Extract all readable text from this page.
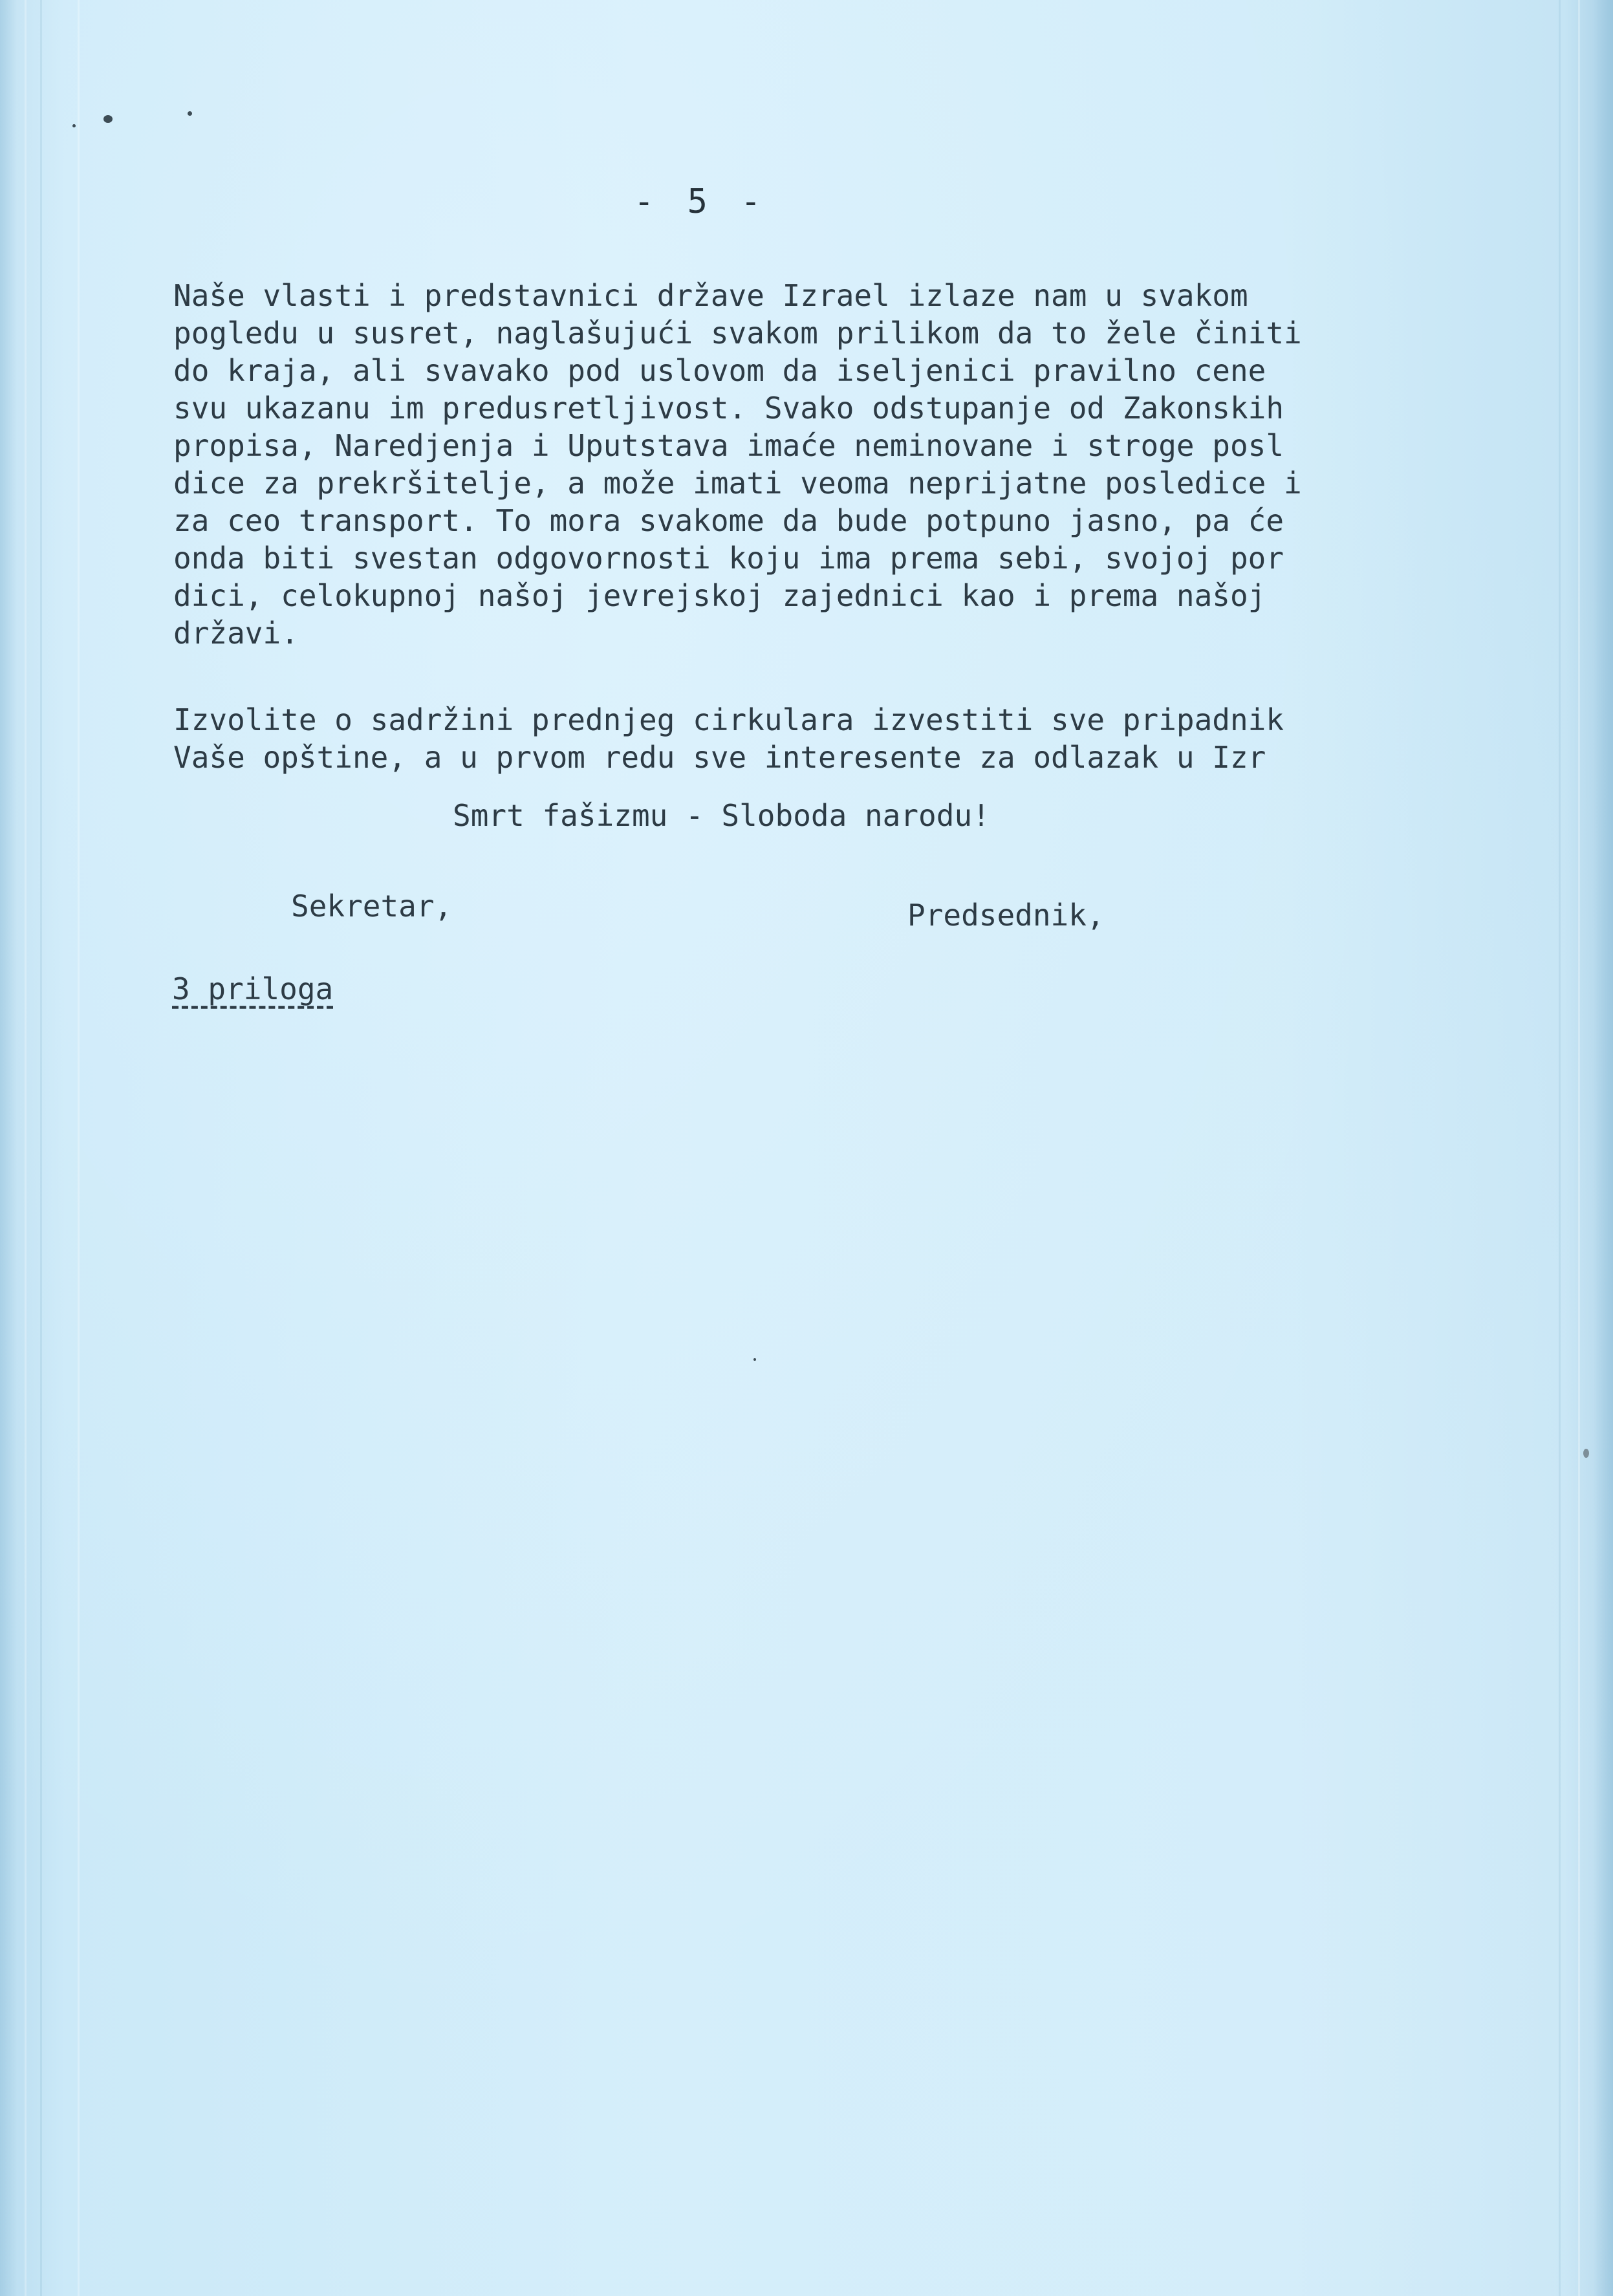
- 5 -
Naše vlasti i predstavnici države Izrael izlaze nam u svakom
pogledu u susret, naglašujući svakom prilikom da to žele činiti
do kraja, ali svavako pod uslovom da iseljenici pravilno cene
svu ukazanu im predusretljivost. Svako odstupanje od Zakonskih
propisa, Naredjenja i Uputstava imaće neminovane i stroge posl
dice za prekršitelje, a može imati veoma neprijatne posledice i
za ceo transport. To mora svakome da bude potpuno jasno, pa će
onda biti svestan odgovornosti koju ima prema sebi, svojoj por
dici, celokupnoj našoj jevrejskoj zajednici kao i prema našoj
državi.
Izvolite o sadržini prednjeg cirkulara izvestiti sve pripadnik
Vaše opštine, a u prvom redu sve interesente za odlazak u Izr
Smrt fašizmu - Sloboda narodu!
Sekretar,	Predsednik,
3 priloga
